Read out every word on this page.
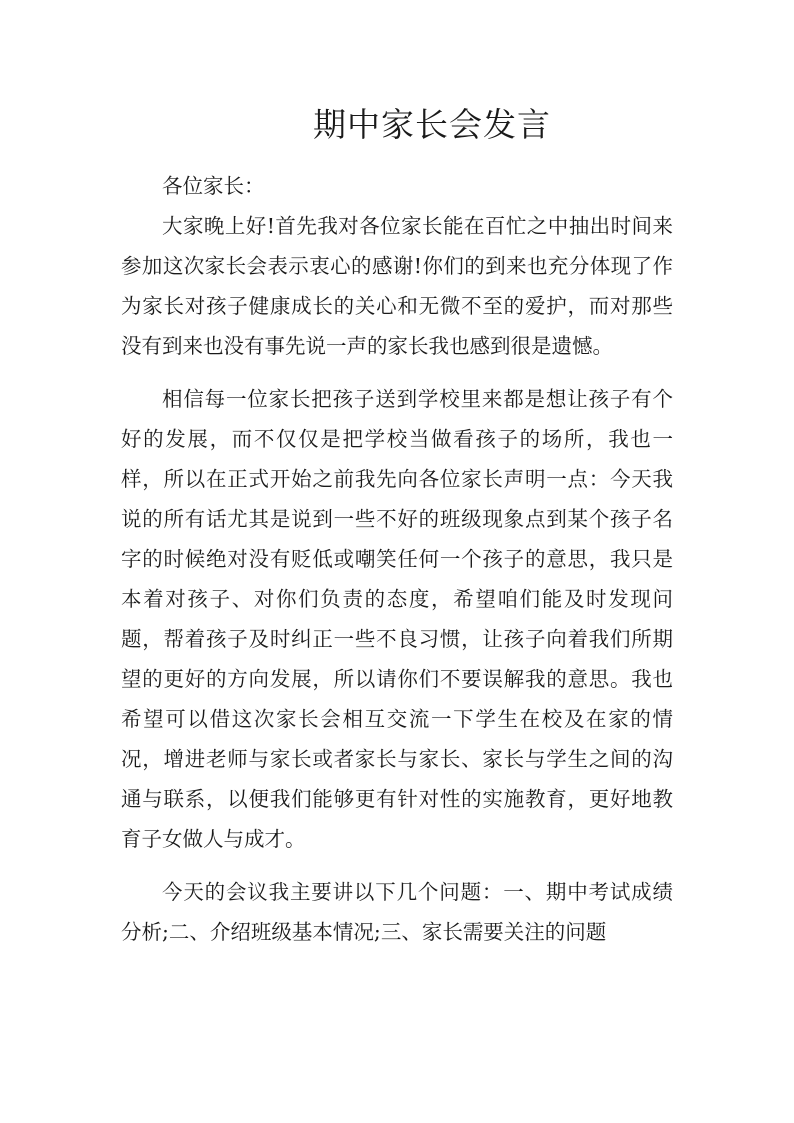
期中家长会发言

各位家长：

大家晚上好!首先我对各位家长能在百忙之中抽出时间来参加这次家长会表示衷心的感谢!你们的到来也充分体现了作为家长对孩子健康成长的关心和无微不至的爱护，而对那些没有到来也没有事先说一声的家长我也感到很是遗憾。

相信每一位家长把孩子送到学校里来都是想让孩子有个好的发展，而不仅仅是把学校当做看孩子的场所，我也一样，所以在正式开始之前我先向各位家长声明一点：今天我说的所有话尤其是说到一些不好的班级现象点到某个孩子名字的时候绝对没有贬低或嘲笑任何一个孩子的意思，我只是本着对孩子、对你们负责的态度，希望咱们能及时发现问题，帮着孩子及时纠正一些不良习惯，让孩子向着我们所期望的更好的方向发展，所以请你们不要误解我的意思。我也希望可以借这次家长会相互交流一下学生在校及在家的情况，增进老师与家长或者家长与家长、家长与学生之间的沟通与联系，以便我们能够更有针对性的实施教育，更好地教育子女做人与成才。

今天的会议我主要讲以下几个问题：一、期中考试成绩分析;二、介绍班级基本情况;三、家长需要关注的问题
